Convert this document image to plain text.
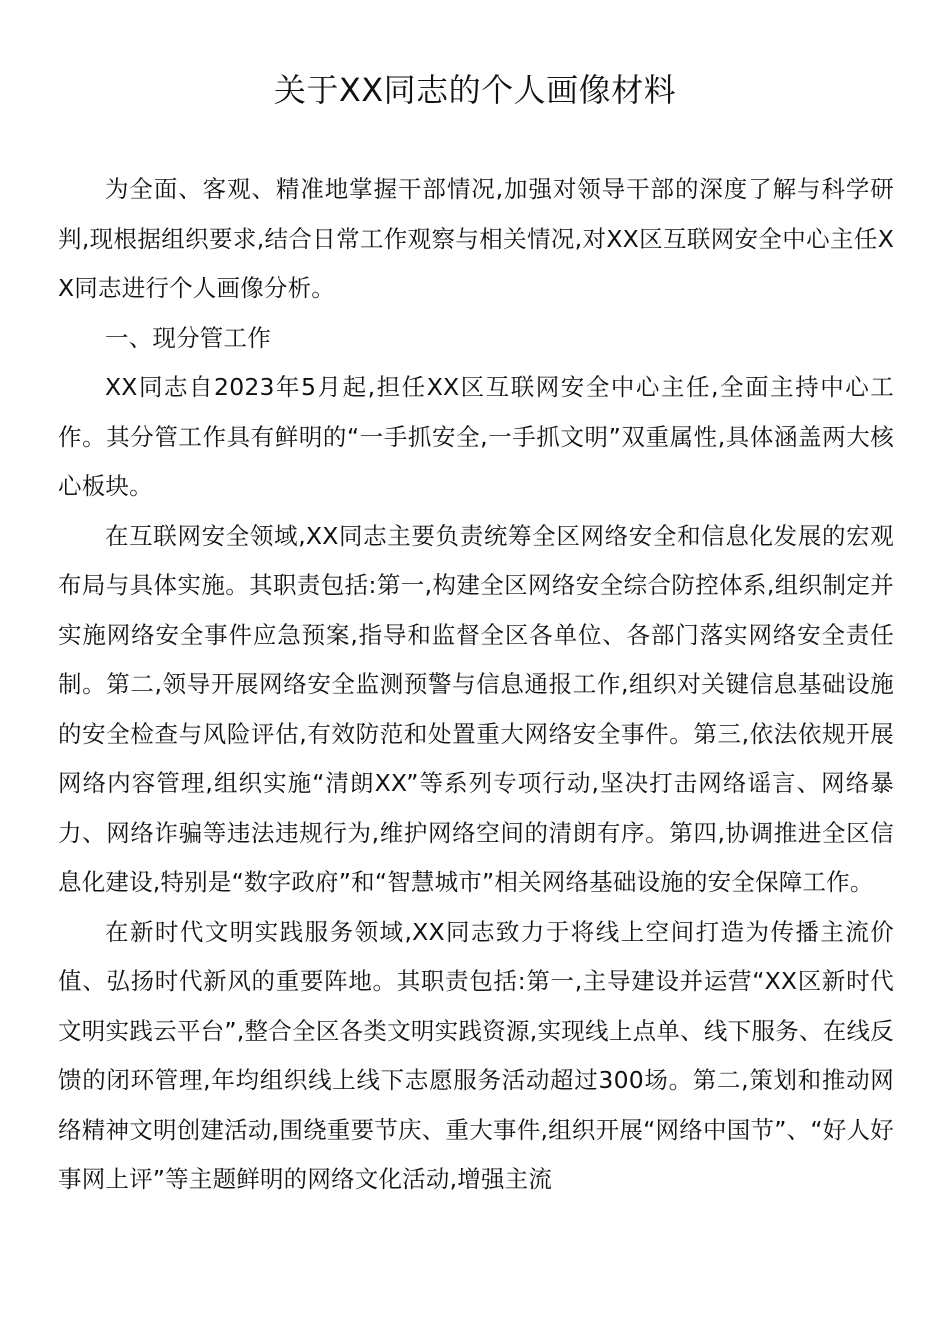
关于XX同志的个人画像材料

为全面、客观、精准地掌握干部情况,加强对领导干部的深度了解与科学研判,现根据组织要求,结合日常工作观察与相关情况,对XX区互联网安全中心主任XX同志进行个人画像分析。

一、现分管工作

XX同志自2023年5月起,担任XX区互联网安全中心主任,全面主持中心工作。其分管工作具有鲜明的“一手抓安全,一手抓文明”双重属性,具体涵盖两大核心板块。

在互联网安全领域,XX同志主要负责统筹全区网络安全和信息化发展的宏观布局与具体实施。其职责包括:第一,构建全区网络安全综合防控体系,组织制定并实施网络安全事件应急预案,指导和监督全区各单位、各部门落实网络安全责任制。第二,领导开展网络安全监测预警与信息通报工作,组织对关键信息基础设施的安全检查与风险评估,有效防范和处置重大网络安全事件。第三,依法依规开展网络内容管理,组织实施“清朗XX”等系列专项行动,坚决打击网络谣言、网络暴力、网络诈骗等违法违规行为,维护网络空间的清朗有序。第四,协调推进全区信息化建设,特别是“数字政府”和“智慧城市”相关网络基础设施的安全保障工作。

在新时代文明实践服务领域,XX同志致力于将线上空间打造为传播主流价值、弘扬时代新风的重要阵地。其职责包括:第一,主导建设并运营“XX区新时代文明实践云平台”,整合全区各类文明实践资源,实现线上点单、线下服务、在线反馈的闭环管理,年均组织线上线下志愿服务活动超过300场。第二,策划和推动网络精神文明创建活动,围绕重要节庆、重大事件,组织开展“网络中国节”、“好人好事网上评”等主题鲜明的网络文化活动,增强主流
